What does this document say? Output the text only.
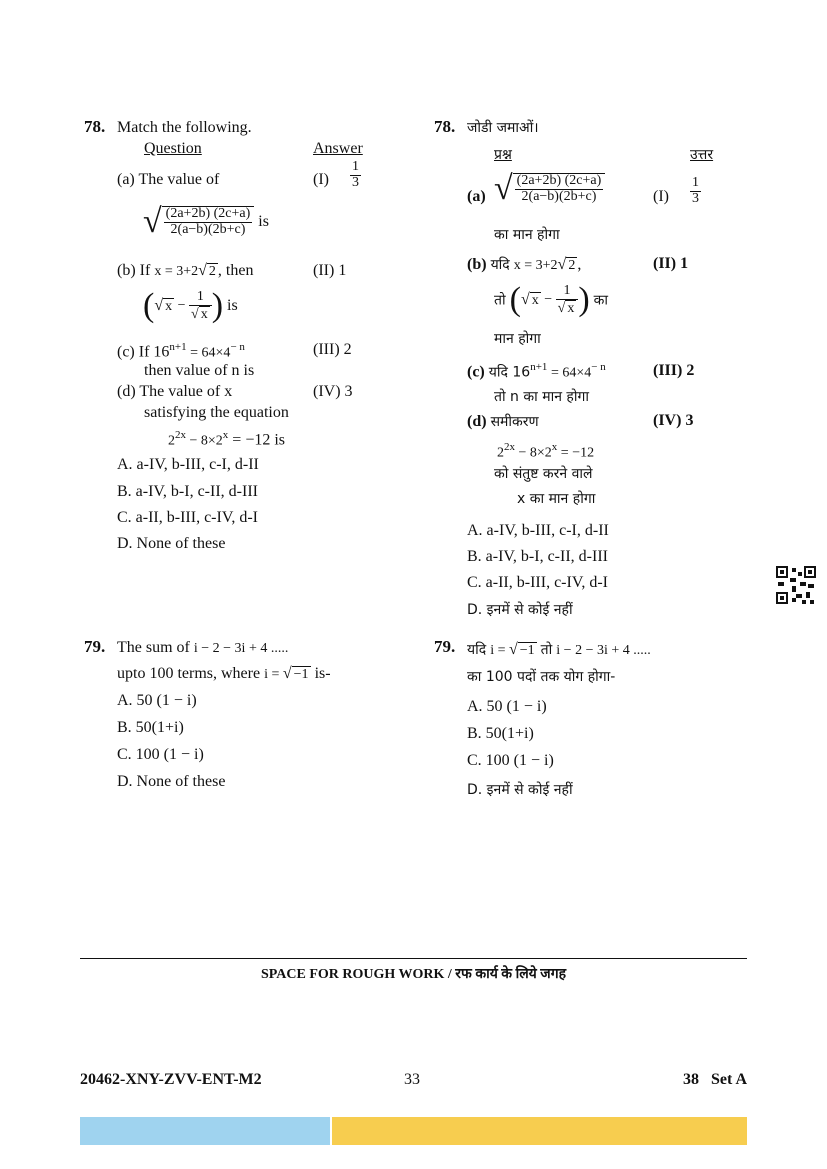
78. Match the following.
Question	Answer
(a) The value of	$(I) \frac{1}{3}$
√ $\frac{(2a+2b) (2c+a)}{2(a-b)(2b+c)}$ is
(b) If x = 3+2√ 2 , then	(II) 1
(√ $x - \frac{1}{√ x}$ ) is
(c) If $16^{n+1} = 64\times 4^{- n}$	(III) 2
then value of n is
(d) The value of x	(IV) 3
satisfying the equation
$2^{2x} - 8\times 2^x = -12$ is
A. a-IV, b-III, c-I, d-II
B. a-IV, b-I, c-II, d-III
C. a-II, b-III, c-IV, d-I
D. None of these
78. जोडी जमाओं।
प्रश्न	उत्तर
(a) √ $\frac{(2a+2b) (2c+a)}{2(a-b)(2b+c)}$	$(I) \frac{1}{3}$
का मान होगा
(b) यदि x = 3+2√ 2 ,	(II) 1
तो (√ $x - \frac{1}{√ x}$ ) का
मान होगा
(c) यदि $16^{n+1} = 64\times 4^{- n}$	(III) 2
तो n का मान होगा
(d) समीकरण	(IV) 3
$2^{2x} - 8\times 2^x = -12$
को संतुष्ट करने वाले
x का मान होगा
A. a-IV, b-III, c-I, d-II
B. a-IV, b-I, c-II, d-III
C. a-II, b-III, c-IV, d-I
D. इनमें से कोई नहीं
79. The sum of i − 2 − 3i + 4 .....
upto 100 terms, where i = √ −1 is-
A. 50 (1 − i)
B. 50(1+i)
C. 100 (1 − i)
D. None of these
79. यदि i = √ −1 तो i − 2 − 3i + 4 .....
का 100 पदों तक योग होगा-
A. 50 (1 − i)
B. 50(1+i)
C. 100 (1 − i)
D. इनमें से कोई नहीं
SPACE FOR ROUGH WORK / रफ कार्य के लिये जगह
20462-XNY-ZVV-ENT-M2	33	38   Set A
